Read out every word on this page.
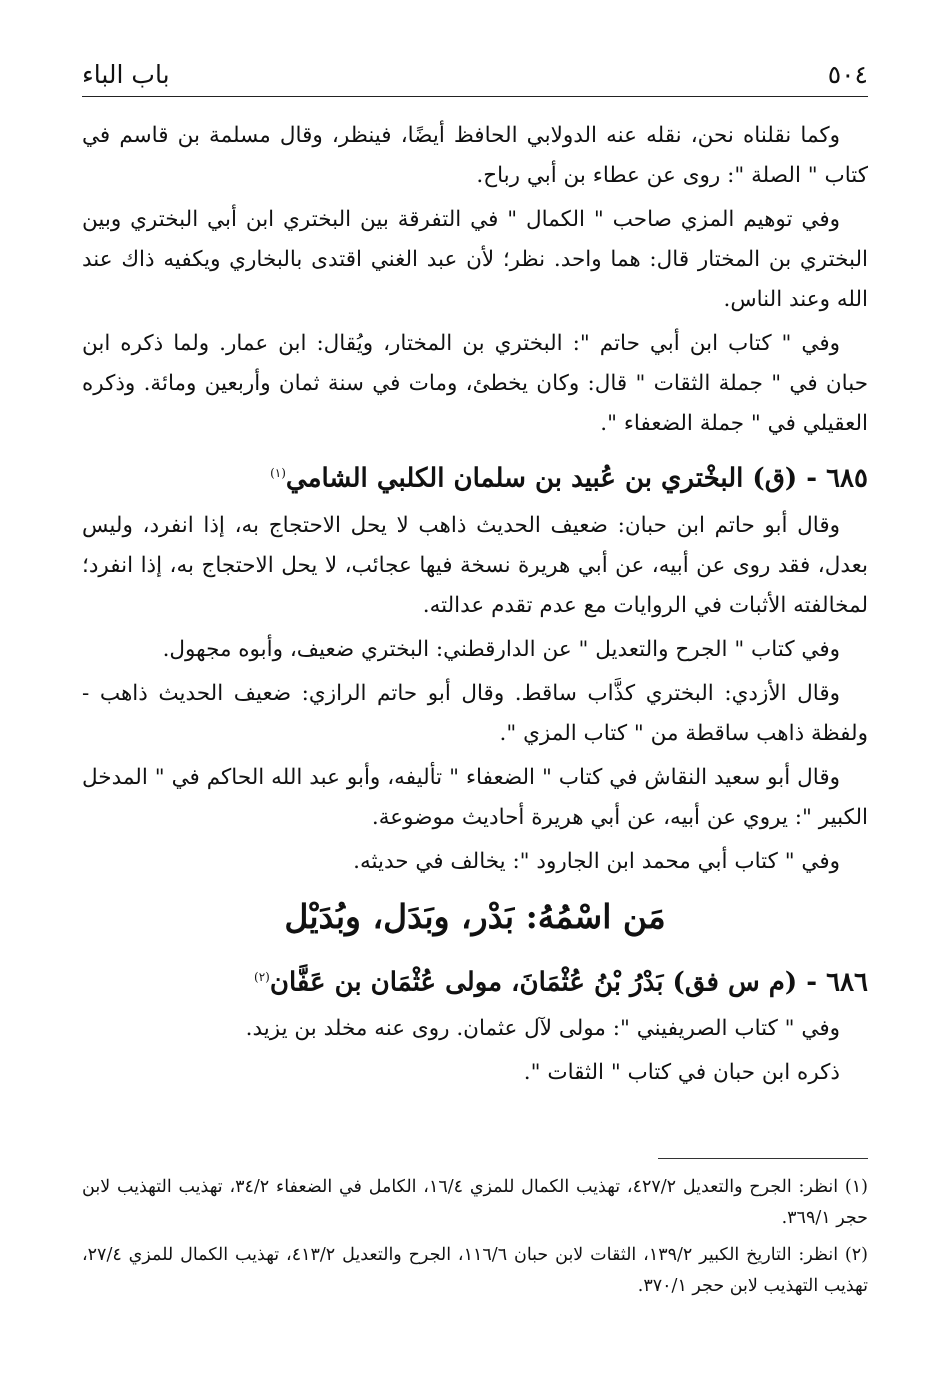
٥٠٤
باب الباء

وكما نقلناه نحن، نقله عنه الدولابي الحافظ أيضًا، فينظر، وقال مسلمة بن قاسم في كتاب " الصلة ": روى عن عطاء بن أبي رباح.

وفي توهيم المزي صاحب " الكمال " في التفرقة بين البختري ابن أبي البختري وبين البختري بن المختار قال: هما واحد. نظر؛ لأن عبد الغني اقتدى بالبخاري ويكفيه ذاك عند الله وعند الناس.

وفي " كتاب ابن أبي حاتم ": البختري بن المختار، ويُقال: ابن عمار. ولما ذكره ابن حبان في " جملة الثقات " قال: وكان يخطئ، ومات في سنة ثمان وأربعين ومائة. وذكره العقيلي في " جملة الضعفاء ".

٦٨٥ - (ق) البخْتري بن عُبيد بن سلمان الكلبي الشامي$^{(١)}$

وقال أبو حاتم ابن حبان: ضعيف الحديث ذاهب لا يحل الاحتجاج به، إذا انفرد، وليس بعدل، فقد روى عن أبيه، عن أبي هريرة نسخة فيها عجائب، لا يحل الاحتجاج به، إذا انفرد؛ لمخالفته الأثبات في الروايات مع عدم تقدم عدالته.

وفي كتاب " الجرح والتعديل " عن الدارقطني: البختري ضعيف، وأبوه مجهول.

وقال الأزدي: البختري كذَّاب ساقط. وقال أبو حاتم الرازي: ضعيف الحديث ذاهب - ولفظة ذاهب ساقطة من " كتاب المزي ".

وقال أبو سعيد النقاش في كتاب " الضعفاء " تأليفه، وأبو عبد الله الحاكم في " المدخل الكبير ": يروي عن أبيه، عن أبي هريرة أحاديث موضوعة.

وفي " كتاب أبي محمد ابن الجارود ": يخالف في حديثه.

مَن اسْمُهُ: بَدْر، وبَدَل، وبُدَيْل
٦٨٦ - (م س فق) بَدْرُ بْنُ عُثْمَانَ، مولى عُثْمَان بن عَفَّان$^{(٢)}$

وفي " كتاب الصريفيني ": مولى لآل عثمان. روى عنه مخلد بن يزيد.

ذكره ابن حبان في كتاب " الثقات ".

(١) انظر: الجرح والتعديل ٤٢٧/٢، تهذيب الكمال للمزي ١٦/٤، الكامل في الضعفاء ٣٤/٢، تهذيب التهذيب لابن حجر ٣٦٩/١.

(٢) انظر: التاريخ الكبير ١٣٩/٢، الثقات لابن حبان ١١٦/٦، الجرح والتعديل ٤١٣/٢، تهذيب الكمال للمزي ٢٧/٤، تهذيب التهذيب لابن حجر ٣٧٠/١.
